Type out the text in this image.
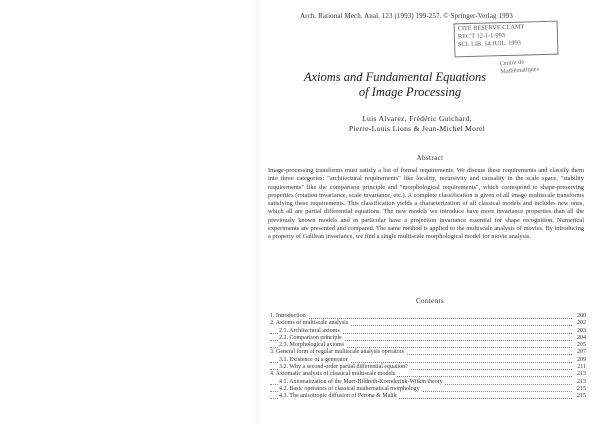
Arch. Rational Mech. Anal. 123 (1993) 199-257. © Springer-Verlag 1993
CITE RESERVE CLAMT
REC'T 12-1-1-993
SCI. LIB. 14 JUIL. 1993
Centre de
Mathématiques
Axioms and Fundamental Equations
of Image Processing
Luis Alvarez, Frédéric Guichard,
Pierre-Louis Lions & Jean-Michel Morel
Abstract
Image-processing transforms must satisfy a list of formal requirements. We discuss these requirements and classify them into three categories: "architectural requirements" like locality, recursivity and causality in the scale space, "stability requirements" like the comparison principle and "morphological requirements", which correspond to shape-preserving properties (rotation invariance, scale invariance, etc.). A complete classification is given of all image multiscale transforms satisfying these requirements. This classification yields a characterization of all classical models and includes new ones, which all are partial differential equations. The new models we introduce have more invariance properties than all the previously known models and in particular have a projection invariance essential for shape recognition. Numerical experiments are presented and compared. The same method is applied to the multiscale analysis of movies. By introducing a property of Galilean invariance, we find a single multiscale morphological model for movie analysis.
Contents
1. Introduction	200
2. Axioms of multiscale analysis	202
2.1. Architectural axioms	203
2.2. Comparison principle	204
2.3. Morphological axioms	205
3. General form of regular multiscale analysis operators	207
3.1. Existence of a generator	209
3.2. Why a second-order partial differential equation?	211
4. Axiomatic analysis of classical multiscale models	213
4.1. Axiomatization of the Marr-Hildreth-Koenderink-Witkin theory	213
4.2. Basic operators of classical mathematical morphology	215
4.3. The anisotropic diffusion of Perona & Malik	215
